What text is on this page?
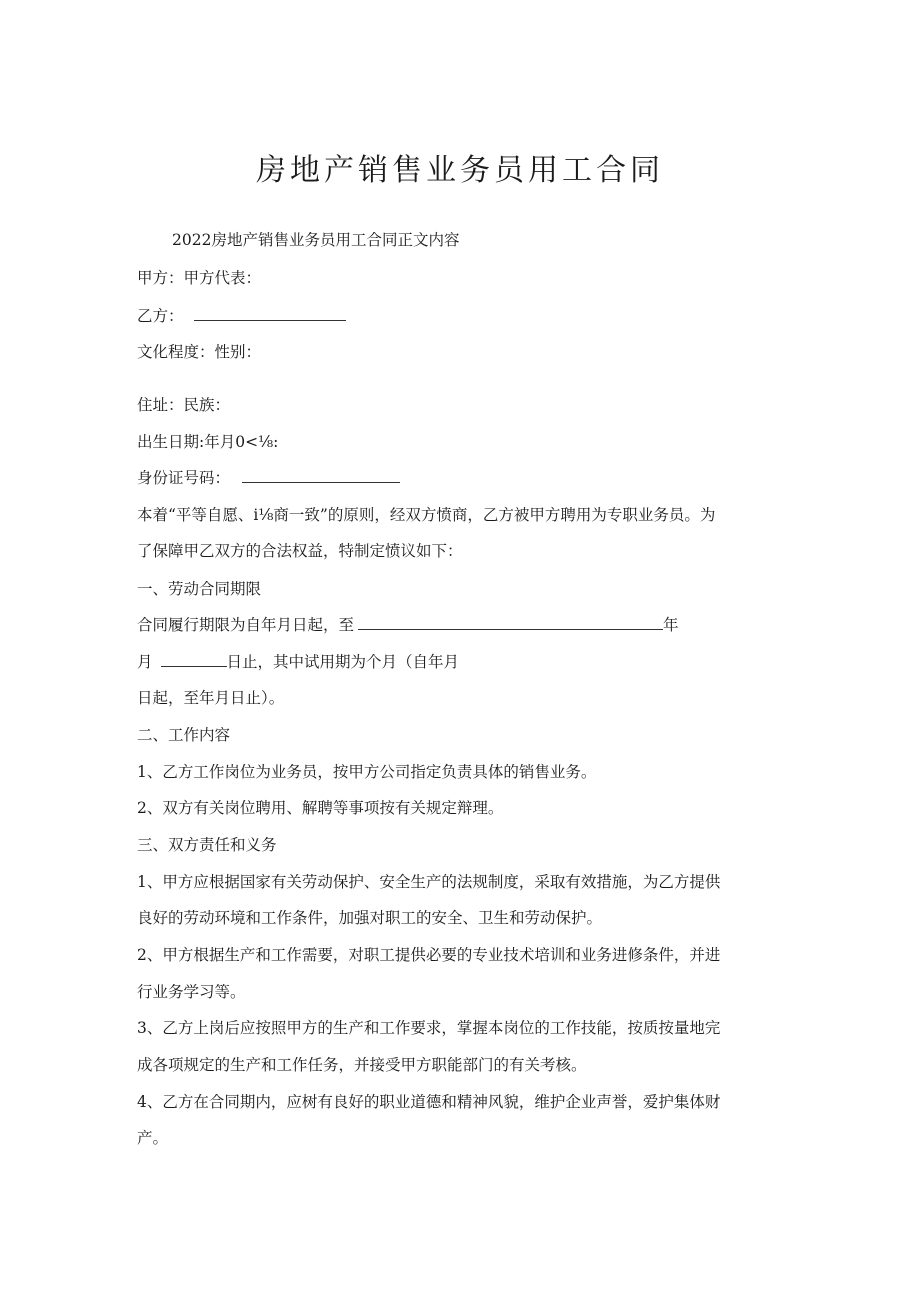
房地产销售业务员用工合同
2022房地产销售业务员用工合同正文内容
甲方：甲方代表：
乙方：
文化程度：性别：
住址：民族：
出生日期:年月0<⅛:
身份证号码：
本着“平等自愿、i⅛商一致”的原则，经双方愤商，乙方被甲方聘用为专职业务员。为
了保障甲乙双方的合法权益，特制定愤议如下：
一、劳动合同期限
合同履行期限为自年月日起，至	年
月	日止，其中试用期为个月（自年月
日起，至年月日止）。
二、工作内容
1、乙方工作岗位为业务员，按甲方公司指定负责具体的销售业务。
2、双方有关岗位聘用、解聘等事项按有关规定辩理。
三、双方责任和义务
1、甲方应根据国家有关劳动保护、安全生产的法规制度，采取有效措施，为乙方提供
良好的劳动环境和工作条件，加强对职工的安全、卫生和劳动保护。
2、甲方根据生产和工作需要，对职工提供必要的专业技术培训和业务进修条件，并进
行业务学习等。
3、乙方上岗后应按照甲方的生产和工作要求，掌握本岗位的工作技能，按质按量地完
成各项规定的生产和工作任务，并接受甲方职能部门的有关考核。
4、乙方在合同期内，应树有良好的职业道德和精神风貌，维护企业声誉，爱护集体财
产。
